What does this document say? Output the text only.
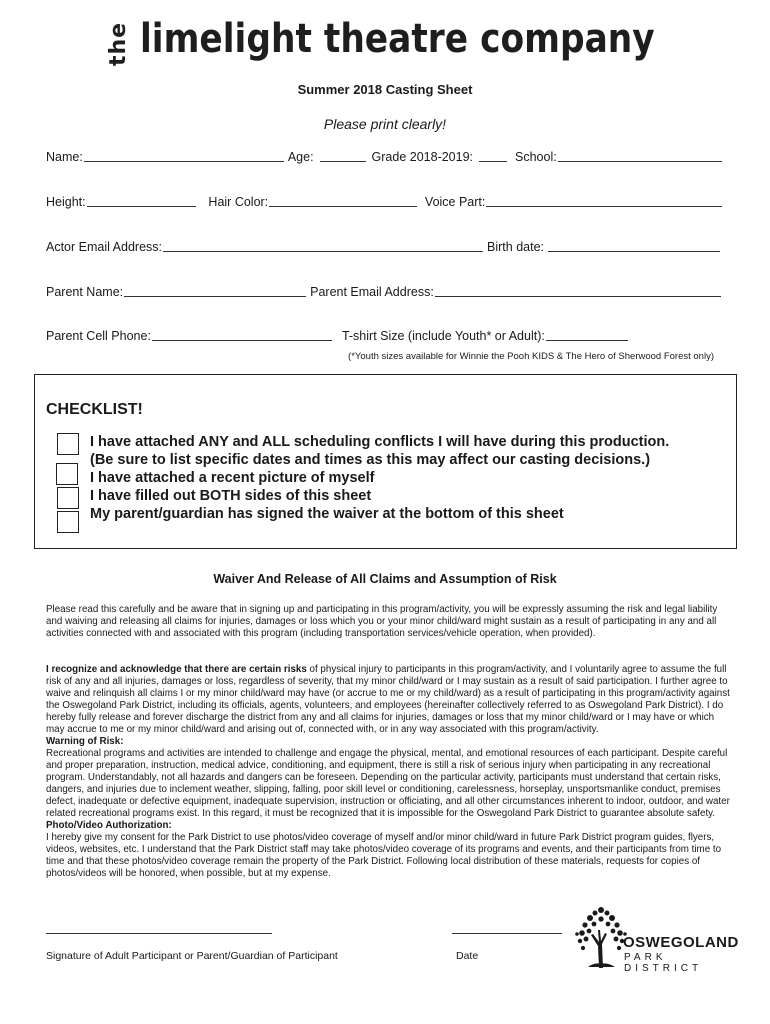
the limelight theatre company
Summer 2018 Casting Sheet
Please print clearly!
Name:	Age:	Grade 2018-2019:	School:
Height:	Hair Color:	Voice Part:
Actor Email Address:	Birth date:
Parent Name:	Parent Email Address:
Parent Cell Phone:	T-shirt Size (include Youth* or Adult):
(*Youth sizes available for Winnie the Pooh KIDS & The Hero of Sherwood Forest only)
CHECKLIST!
I have attached ANY and ALL scheduling conflicts I will have during this production.
(Be sure to list specific dates and times as this may affect our casting decisions.)
I have attached a recent picture of myself
I have filled out BOTH sides of this sheet
My parent/guardian has signed the waiver at the bottom of this sheet
Waiver And Release of All Claims and Assumption of Risk
Please read this carefully and be aware that in signing up and participating in this program/activity, you will be expressly assuming the risk and legal liability and waiving and releasing all claims for injuries, damages or loss which you or your minor child/ward might sustain as a result of participating in any and all activities connected with and associated with this program (including transportation services/vehicle operation, when provided).
I recognize and acknowledge that there are certain risks of physical injury to participants in this program/activity, and I voluntarily agree to assume the full risk of any and all injuries, damages or loss, regardless of severity, that my minor child/ward or I may sustain as a result of said participation. I further agree to waive and relinquish all claims I or my minor child/ward may have (or accrue to me or my child/ward) as a result of participating in this program/activity against the Oswegoland Park District, including its officials, agents, volunteers, and employees (hereinafter collectively referred to as Oswegoland Park District). I do hereby fully release and forever discharge the district from any and all claims for injuries, damages or loss that my minor child/ward or I may have or which may accrue to me or my minor child/ward and arising out of, connected with, or in any way associated with this program/activity.
Warning of Risk:
Recreational programs and activities are intended to challenge and engage the physical, mental, and emotional resources of each participant. Despite careful and proper preparation, instruction, medical advice, conditioning, and equipment, there is still a risk of serious injury when participating in any recreational program. Understandably, not all hazards and dangers can be foreseen. Depending on the particular activity, participants must understand that certain risks, dangers, and injuries due to inclement weather, slipping, falling, poor skill level or conditioning, carelessness, horseplay, unsportsmanlike conduct, premises defect, inadequate or defective equipment, inadequate supervision, instruction or officiating, and all other circumstances inherent to indoor, outdoor, and water related recreational programs exist. In this regard, it must be recognized that it is impossible for the Oswegoland Park District to guarantee absolute safety.
Photo/Video Authorization:
I hereby give my consent for the Park District to use photos/video coverage of myself and/or minor child/ward in future Park District program guides, flyers, videos, websites, etc. I understand that the Park District staff may take photos/video coverage of its programs and events, and their participants from time to time and that these photos/video coverage remain the property of the Park District. Following local distribution of these materials, requests for copies of photos/videos will be honored, when possible, but at my expense.
Signature of Adult Participant or Parent/Guardian of Participant	Date
OSWEGOLAND
PARK DISTRICT
